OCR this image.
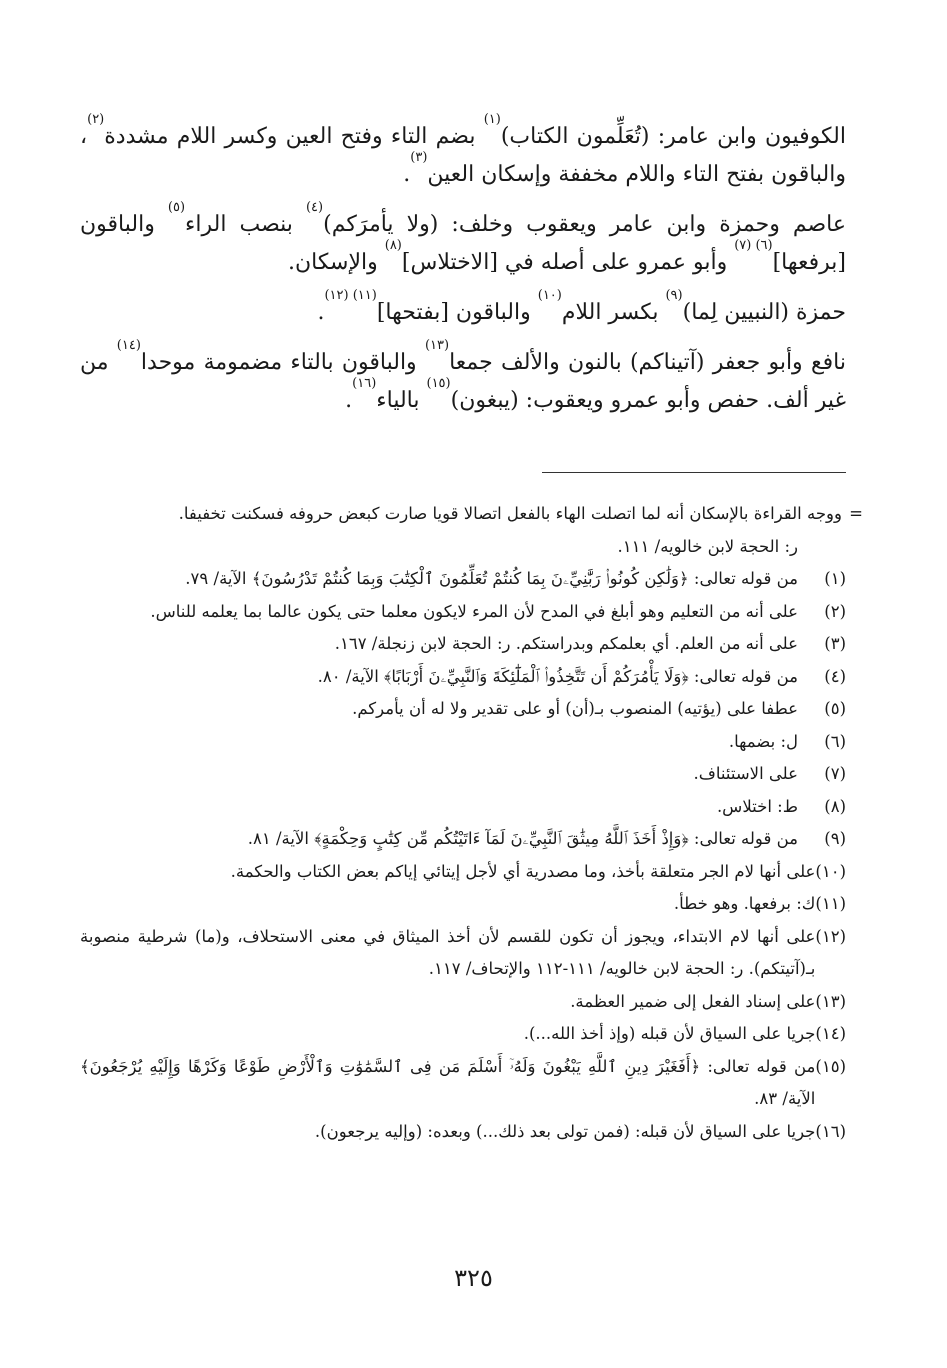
الكوفيون وابن عامر: (تُعَلِّمون الكتاب)$^{(١)}$ بضم التاء وفتح العين وكسر اللام مشددة$^{(٢)}$، والباقون بفتح التاء واللام مخففة وإسكان العين$^{(٣)}$.

عاصم وحمزة وابن عامر ويعقوب وخلف: (ولا يأمرَكم)$^{(٤)}$ بنصب الراء$^{(٥)}$ والباقون [برفعها]$^{(٦) (٧)}$ وأبو عمرو على أصله في [الاختلاس]$^{(٨)}$ والإسكان.

حمزة (النبيين لِما)$^{(٩)}$ بكسر اللام$^{(١٠)}$ والباقون [بفتحها]$^{(١١) (١٢)}$.

نافع وأبو جعفر (آتيناكم) بالنون والألف جمعا$^{(١٣)}$ والباقون بالتاء مضمومة موحدا$^{(١٤)}$ من غير ألف. حفص وأبو عمرو ويعقوب: (يبغون)$^{(١٥)}$ بالياء$^{(١٦)}$.

=
ووجه القراءة بالإسكان أنه لما اتصلت الهاء بالفعل اتصالا قويا صارت كبعض حروفه فسكنت تخفيفا.
ر: الحجة لابن خالويه/ ١١١.
(١)
من قوله تعالى: ﴿وَلَٰكِن كُونُوا۟ رَبَّٰنِيِّۦنَ بِمَا كُنتُمْ تُعَلِّمُونَ ٱلْكِتَٰبَ وَبِمَا كُنتُمْ تَدْرُسُونَ﴾ الآية/ ٧٩.
(٢)
على أنه من التعليم وهو أبلغ في المدح لأن المرء لايكون معلما حتى يكون عالما بما يعلمه للناس.
(٣)
على أنه من العلم. أي بعلمكم وبدراستكم. ر: الحجة لابن زنجلة/ ١٦٧.
(٤)
من قوله تعالى: ﴿وَلَا يَأْمُرَكُمْ أَن تَتَّخِذُوا۟ ٱلْمَلَٰٓئِكَةَ وَٱلنَّبِيِّۦنَ أَرْبَابًا﴾ الآية/ ٨٠.
(٥)
عطفا على (يؤتيه) المنصوب بـ(أن) أو على تقدير ولا له أن يأمركم.
(٦)
ل: بضمها.
(٧)
على الاستئناف.
(٨)
ط: اختلاس.
(٩)
من قوله تعالى: ﴿وَإِذْ أَخَذَ ٱللَّهُ مِيثَٰقَ ٱلنَّبِيِّۦنَ لَمَآ ءَاتَيْتُكُم مِّن كِتَٰبٍ وَحِكْمَةٍ﴾ الآية/ ٨١.
(١٠)
على أنها لام الجر متعلقة بأخذ، وما مصدرية أي لأجل إيتائي إياكم بعض الكتاب والحكمة.
(١١)
ك: برفعها. وهو خطأ.
(١٢)
على أنها لام الابتداء، ويجوز أن تكون للقسم لأن أخذ الميثاق في معنى الاستحلاف، و(ما) شرطية منصوبة بـ(آتيتكم). ر: الحجة لابن خالويه/ ١١١-١١٢ والإتحاف/ ١١٧.
(١٣)
على إسناد الفعل إلى ضمير العظمة.
(١٤)
جريا على السياق لأن قبله (وإذ أخذ الله...).
(١٥)
من قوله تعالى: ﴿أَفَغَيْرَ دِينِ ٱللَّهِ يَبْغُونَ وَلَهُۥٓ أَسْلَمَ مَن فِى ٱلسَّمَٰوَٰتِ وَٱلْأَرْضِ طَوْعًا وَكَرْهًا وَإِلَيْهِ يُرْجَعُونَ﴾ الآية/ ٨٣.
(١٦)
جريا على السياق لأن قبله: (فمن تولى بعد ذلك...) وبعده: (وإليه يرجعون).
٣٢٥
